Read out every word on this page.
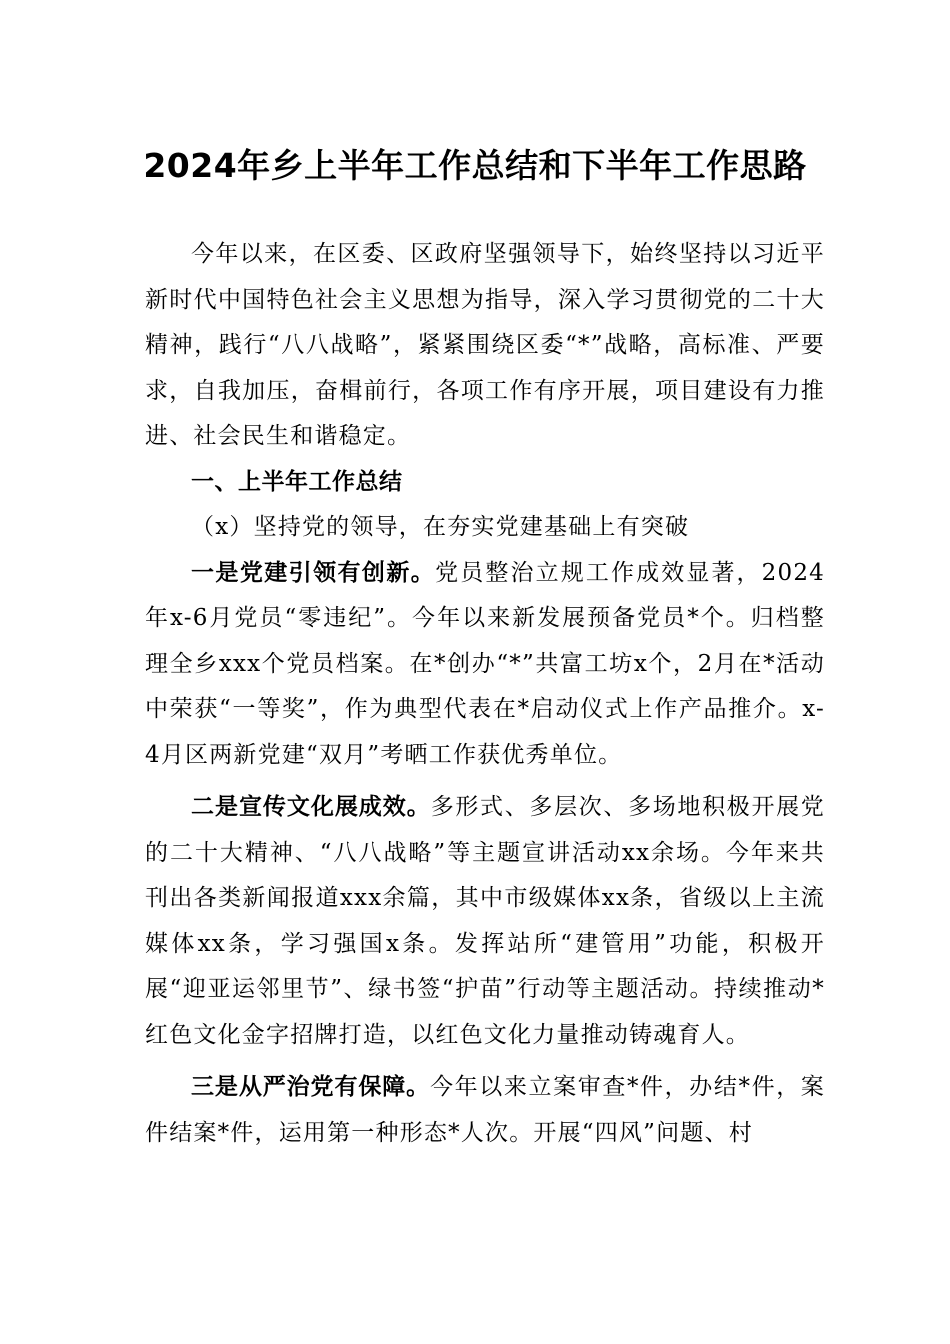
2024年乡上半年工作总结和下半年工作思路

今年以来，在区委、区政府坚强领导下，始终坚持以习近平新时代中国特色社会主义思想为指导，深入学习贯彻党的二十大精神，践行“八八战略”，紧紧围绕区委“*”战略，高标准、严要求，自我加压，奋楫前行，各项工作有序开展，项目建设有力推进、社会民生和谐稳定。

一、上半年工作总结

（x）坚持党的领导，在夯实党建基础上有突破

一是党建引领有创新。党员整治立规工作成效显著，2024年x-6月党员“零违纪”。今年以来新发展预备党员*个。归档整理全乡xxx个党员档案。在*创办“*”共富工坊x个，2月在*活动中荣获“一等奖”，作为典型代表在*启动仪式上作产品推介。x-4月区两新党建“双月”考晒工作获优秀单位。

二是宣传文化展成效。多形式、多层次、多场地积极开展党的二十大精神、“八八战略”等主题宣讲活动xx余场。今年来共刊出各类新闻报道xxx余篇，其中市级媒体xx条，省级以上主流媒体xx条，学习强国x条。发挥站所“建管用”功能，积极开展“迎亚运邻里节”、绿书签“护苗”行动等主题活动。持续推动*红色文化金字招牌打造，以红色文化力量推动铸魂育人。

三是从严治党有保障。今年以来立案审查*件，办结*件，案件结案*件，运用第一种形态*人次。开展“四风”问题、村
